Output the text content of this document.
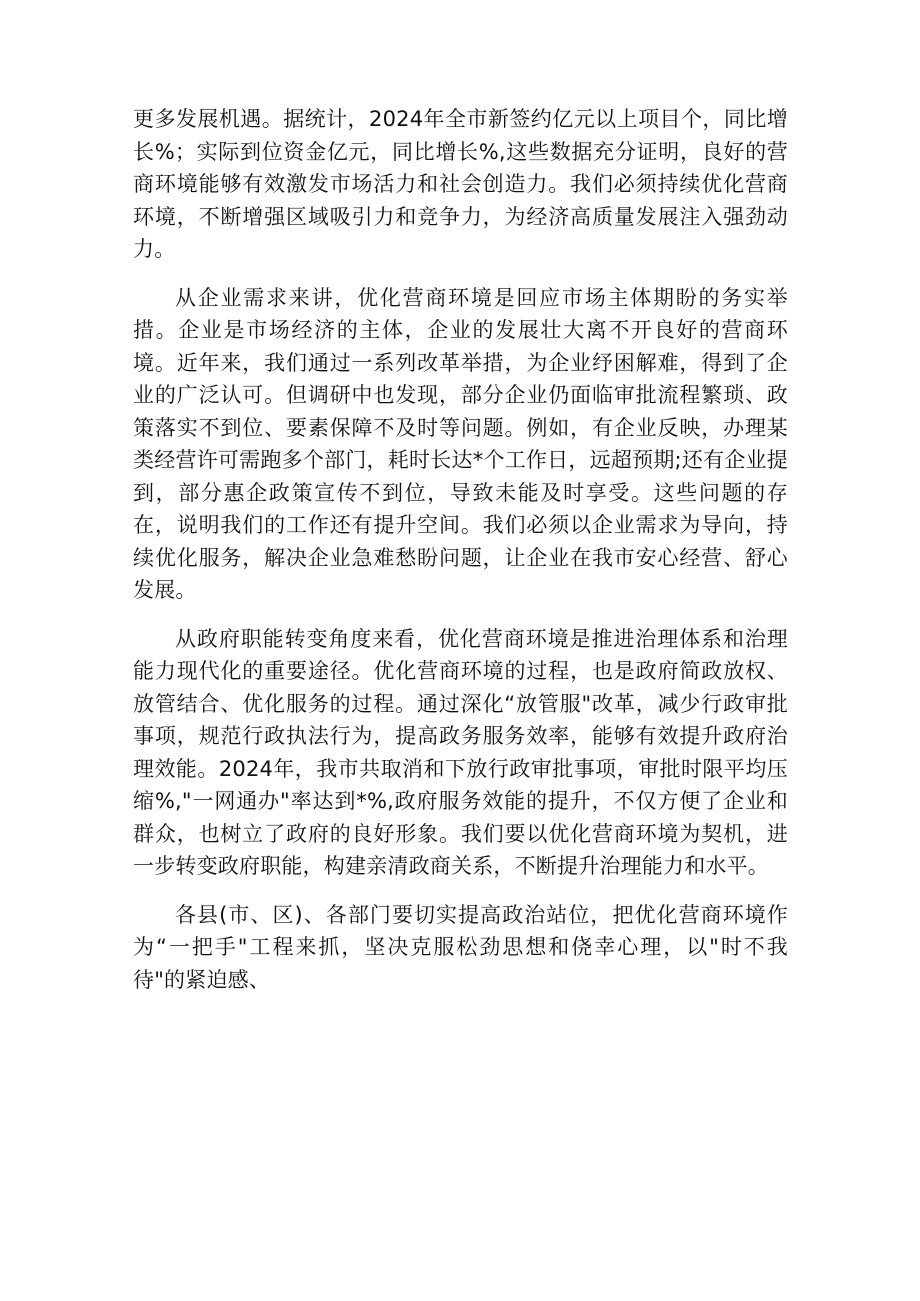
更多发展机遇。据统计，2024年全市新签约亿元以上项目个，同比增长%；实际到位资金亿元，同比增长%,这些数据充分证明，良好的营商环境能够有效激发市场活力和社会创造力。我们必须持续优化营商环境，不断增强区域吸引力和竞争力，为经济高质量发展注入强劲动力。

从企业需求来讲，优化营商环境是回应市场主体期盼的务实举措。企业是市场经济的主体，企业的发展壮大离不开良好的营商环境。近年来，我们通过一系列改革举措，为企业纾困解难，得到了企业的广泛认可。但调研中也发现，部分企业仍面临审批流程繁琐、政策落实不到位、要素保障不及时等问题。例如，有企业反映，办理某类经营许可需跑多个部门，耗时长达*个工作日，远超预期;还有企业提到，部分惠企政策宣传不到位，导致未能及时享受。这些问题的存在，说明我们的工作还有提升空间。我们必须以企业需求为导向，持续优化服务，解决企业急难愁盼问题，让企业在我市安心经营、舒心发展。

从政府职能转变角度来看，优化营商环境是推进治理体系和治理能力现代化的重要途径。优化营商环境的过程，也是政府简政放权、放管结合、优化服务的过程。通过深化“放管服"改革，减少行政审批事项，规范行政执法行为，提高政务服务效率，能够有效提升政府治理效能。2024年，我市共取消和下放行政审批事项，审批时限平均压缩%,"一网通办"率达到*%,政府服务效能的提升，不仅方便了企业和群众，也树立了政府的良好形象。我们要以优化营商环境为契机，进一步转变政府职能，构建亲清政商关系，不断提升治理能力和水平。

各县(市、区)、各部门要切实提高政治站位，把优化营商环境作为“一把手"工程来抓，坚决克服松劲思想和侥幸心理，以"时不我待"的紧迫感、
